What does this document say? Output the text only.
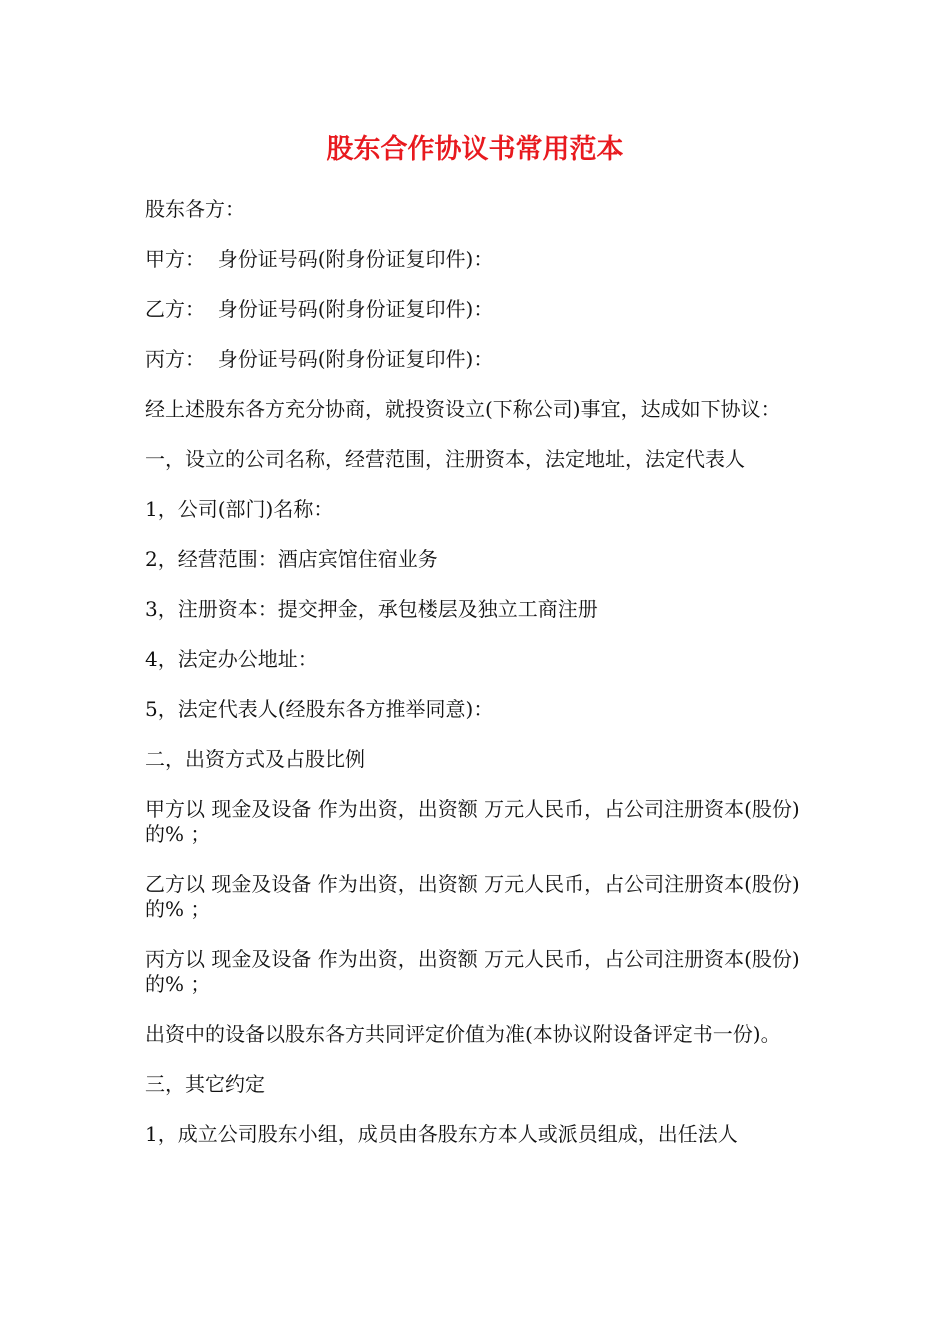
股东合作协议书常用范本

股东各方：

甲方：  身份证号码(附身份证复印件)：

乙方：  身份证号码(附身份证复印件)：

丙方：  身份证号码(附身份证复印件)：

经上述股东各方充分协商，就投资设立(下称公司)事宜，达成如下协议：

一，设立的公司名称，经营范围，注册资本，法定地址，法定代表人

1，公司(部门)名称：

2，经营范围：酒店宾馆住宿业务

3，注册资本：提交押金，承包楼层及独立工商注册

4，法定办公地址：

5，法定代表人(经股东各方推举同意)：

二，出资方式及占股比例

甲方以 现金及设备 作为出资，出资额 万元人民币，占公司注册资本(股份)的% ；

乙方以 现金及设备 作为出资，出资额 万元人民币，占公司注册资本(股份)的% ；

丙方以 现金及设备 作为出资，出资额 万元人民币，占公司注册资本(股份)的% ；

出资中的设备以股东各方共同评定价值为准(本协议附设备评定书一份)。

三，其它约定

1，成立公司股东小组，成员由各股东方本人或派员组成，出任法人
